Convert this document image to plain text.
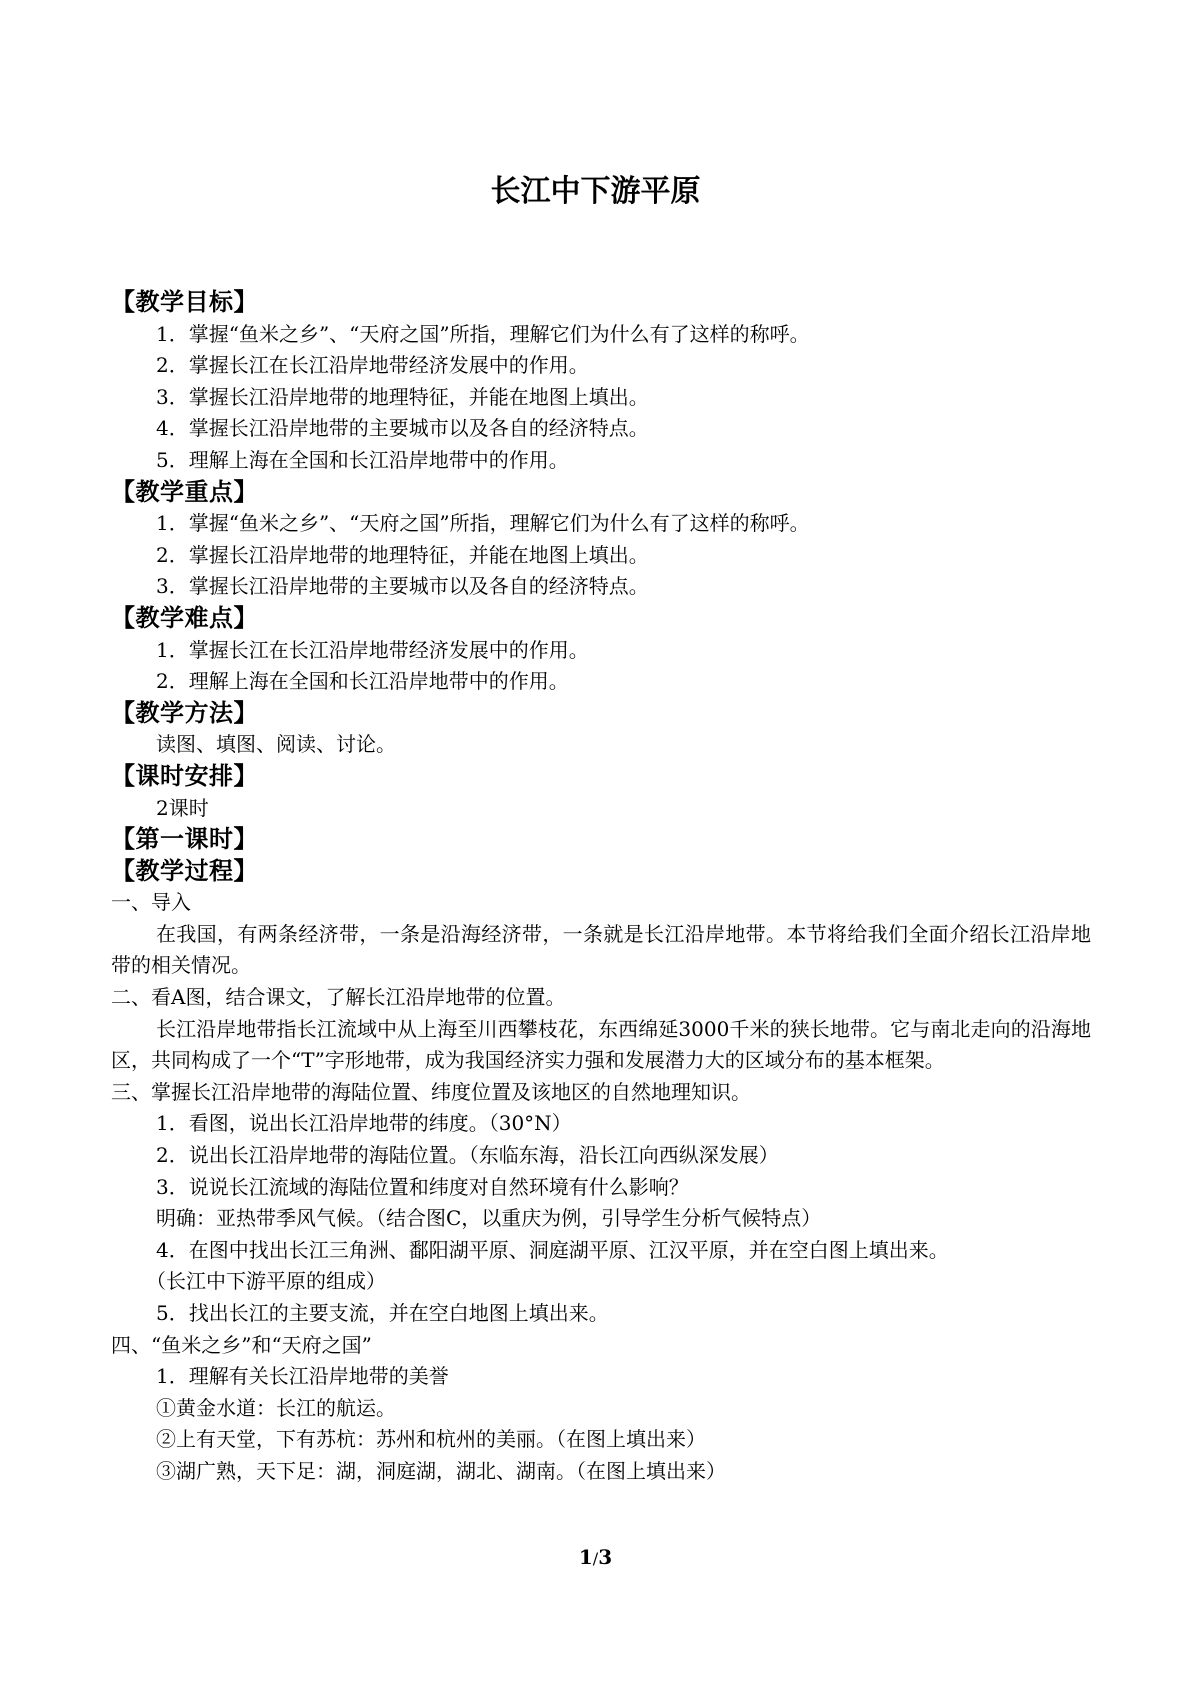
长江中下游平原
【教学目标】
1．掌握“鱼米之乡”、“天府之国”所指，理解它们为什么有了这样的称呼。
2．掌握长江在长江沿岸地带经济发展中的作用。
3．掌握长江沿岸地带的地理特征，并能在地图上填出。
4．掌握长江沿岸地带的主要城市以及各自的经济特点。
5．理解上海在全国和长江沿岸地带中的作用。
【教学重点】
1．掌握“鱼米之乡”、“天府之国”所指，理解它们为什么有了这样的称呼。
2．掌握长江沿岸地带的地理特征，并能在地图上填出。
3．掌握长江沿岸地带的主要城市以及各自的经济特点。
【教学难点】
1．掌握长江在长江沿岸地带经济发展中的作用。
2．理解上海在全国和长江沿岸地带中的作用。
【教学方法】
读图、填图、阅读、讨论。
【课时安排】
2课时
【第一课时】
【教学过程】
一、导入
在我国，有两条经济带，一条是沿海经济带，一条就是长江沿岸地带。本节将给我们全面介绍长江沿岸地带的相关情况。
二、看A图，结合课文，了解长江沿岸地带的位置。
长江沿岸地带指长江流域中从上海至川西攀枝花，东西绵延3000千米的狭长地带。它与南北走向的沿海地区，共同构成了一个“T”字形地带，成为我国经济实力强和发展潜力大的区域分布的基本框架。
三、掌握长江沿岸地带的海陆位置、纬度位置及该地区的自然地理知识。
1．看图，说出长江沿岸地带的纬度。（30°N）
2．说出长江沿岸地带的海陆位置。（东临东海，沿长江向西纵深发展）
3．说说长江流域的海陆位置和纬度对自然环境有什么影响？
明确：亚热带季风气候。（结合图C，以重庆为例，引导学生分析气候特点）
4．在图中找出长江三角洲、鄱阳湖平原、洞庭湖平原、江汉平原，并在空白图上填出来。
（长江中下游平原的组成）
5．找出长江的主要支流，并在空白地图上填出来。
四、“鱼米之乡”和“天府之国”
1．理解有关长江沿岸地带的美誉
①黄金水道：长江的航运。
②上有天堂，下有苏杭：苏州和杭州的美丽。（在图上填出来）
③湖广熟，天下足：湖，洞庭湖，湖北、湖南。（在图上填出来）
1/3
